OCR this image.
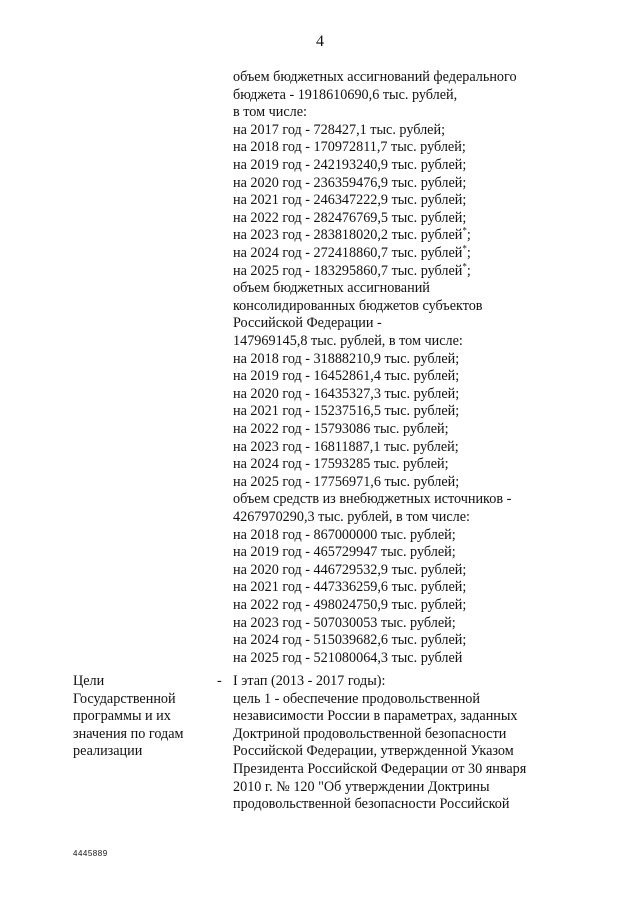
4
объем бюджетных ассигнований федерального
бюджета - 1918610690,6 тыс. рублей,
в том числе:
на 2017 год - 728427,1 тыс. рублей;
на 2018 год - 170972811,7 тыс. рублей;
на 2019 год - 242193240,9 тыс. рублей;
на 2020 год - 236359476,9 тыс. рублей;
на 2021 год - 246347222,9 тыс. рублей;
на 2022 год - 282476769,5 тыс. рублей;
на 2023 год - 283818020,2 тыс. рублей*;
на 2024 год - 272418860,7 тыс. рублей*;
на 2025 год - 183295860,7 тыс. рублей*;
объем бюджетных ассигнований
консолидированных бюджетов субъектов
Российской Федерации -
147969145,8 тыс. рублей, в том числе:
на 2018 год - 31888210,9 тыс. рублей;
на 2019 год - 16452861,4 тыс. рублей;
на 2020 год - 16435327,3 тыс. рублей;
на 2021 год - 15237516,5 тыс. рублей;
на 2022 год - 15793086 тыс. рублей;
на 2023 год - 16811887,1 тыс. рублей;
на 2024 год - 17593285 тыс. рублей;
на 2025 год - 17756971,6 тыс. рублей;
объем средств из внебюджетных источников -
4267970290,3 тыс. рублей, в том числе:
на 2018 год - 867000000 тыс. рублей;
на 2019 год - 465729947 тыс. рублей;
на 2020 год - 446729532,9 тыс. рублей;
на 2021 год - 447336259,6 тыс. рублей;
на 2022 год - 498024750,9 тыс. рублей;
на 2023 год - 507030053 тыс. рублей;
на 2024 год - 515039682,6 тыс. рублей;
на 2025 год - 521080064,3 тыс. рублей
Цели
Государственной
программы и их
значения по годам
реализации
- I этап (2013 - 2017 годы):
цель 1 - обеспечение продовольственной
независимости России в параметрах, заданных
Доктриной продовольственной безопасности
Российской Федерации, утвержденной Указом
Президента Российской Федерации от 30 января
2010 г. № 120 "Об утверждении Доктрины
продовольственной безопасности Российской
4445889
